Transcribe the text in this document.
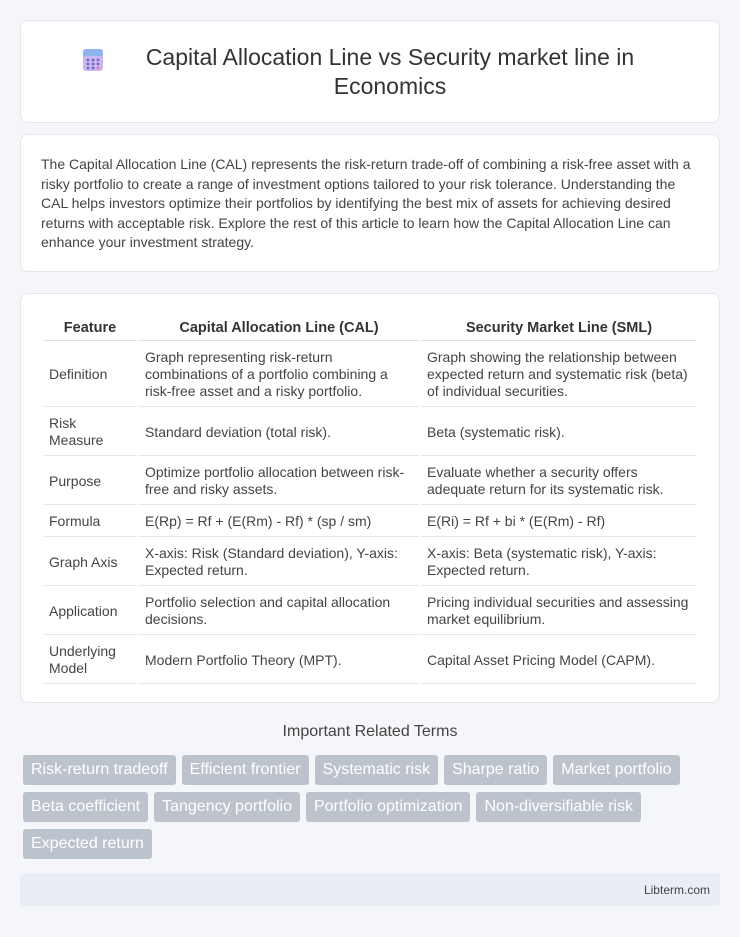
Capital Allocation Line vs Security market line in Economics

The Capital Allocation Line (CAL) represents the risk-return trade-off of combining a risk-free asset with a risky portfolio to create a range of investment options tailored to your risk tolerance. Understanding the CAL helps investors optimize their portfolios by identifying the best mix of assets for achieving desired returns with acceptable risk. Explore the rest of this article to learn how the Capital Allocation Line can enhance your investment strategy.

Feature	Capital Allocation Line (CAL)	Security Market Line (SML)
Definition	Graph representing risk-return combinations of a portfolio combining a risk-free asset and a risky portfolio.	Graph showing the relationship between expected return and systematic risk (beta) of individual securities.
Risk Measure	Standard deviation (total risk).	Beta (systematic risk).
Purpose	Optimize portfolio allocation between risk-free and risky assets.	Evaluate whether a security offers adequate return for its systematic risk.
Formula	E(Rp) = Rf + (E(Rm) - Rf) * (sp / sm)	E(Ri) = Rf + bi * (E(Rm) - Rf)
Graph Axis	X-axis: Risk (Standard deviation), Y-axis: Expected return.	X-axis: Beta (systematic risk), Y-axis: Expected return.
Application	Portfolio selection and capital allocation decisions.	Pricing individual securities and assessing market equilibrium.
Underlying Model	Modern Portfolio Theory (MPT).	Capital Asset Pricing Model (CAPM).
Important Related Terms
Risk-return tradeoff	Efficient frontier	Systematic risk	Sharpe ratio	Market portfolio
Beta coefficient	Tangency portfolio	Portfolio optimization	Non-diversifiable risk
Expected return
Libterm.com
